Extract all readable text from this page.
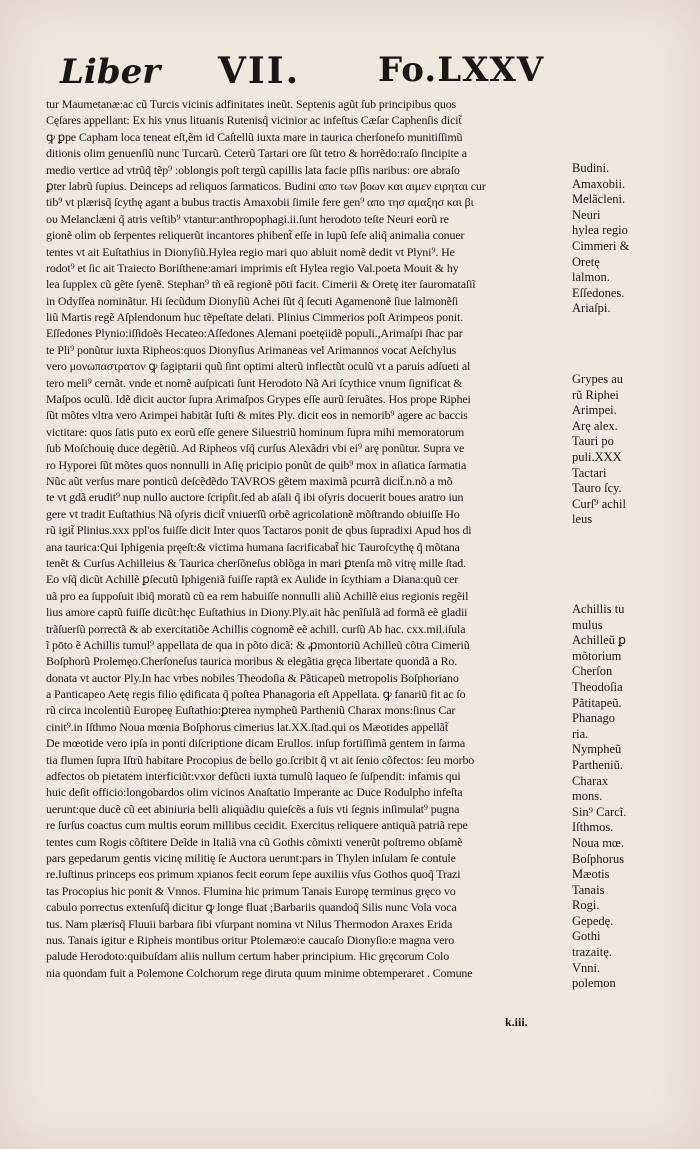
Liber VII. Fo.LXXV
tur Maumetanæ:ac cũ Turcis vicinis adfinitates ineũt. Septenis agũt ſub principibus quos
Cęſares appellant: Ex his vnus lituanis Rutenisq̃ vicinior ac infeſtus Cæſar Caphenſis dicit̃
ꝙ ꝑpe Capham loca teneat eſt,ẽm id Caſtellũ iuxta mare in taurica cherſoneſo munitiſſimũ
ditionis olim genuenſiũ nunc Turcarũ. Ceterũ Tartari ore ſũt tetro & horrẽdo:raſo ſincipite a
medio vertice ad vtrũq̃ tẽp⁹ :oblongis poſt tergũ capillis lata facie pſſis naribus: ore abraſo
ꝑter labrũ ſupius. Deinceps ad reliquos ſarmaticos. Budini απο των βοων και αιμεν ειρηται cur
tib⁹ vt plærisq̃ ſcythę agant a bubus tractis Amaxobii ſimile fere gen⁹ απο τησ αμαξησ και βι
ου Melanclæni q̃ atris veſtib⁹ vtantur:anthropophagi.ii.ſunt herodoto teſte Neuri eorũ re
gionẽ olim ob ſerpentes reliquerũt incantores phibent̃ eſſe in lupũ ſeſe aliq̃ animalia conuer
tentes vt ait Euſtathius in Dionyſiũ.Hylea regio mari quo abluit nomẽ dedit vt Plyni⁹. He
rodot⁹ et ſic ait Traiecto Boriſthene:amari imprimis eſt Hylea regio Val.poeta Mouit & hy
lea ſupplex cũ gẽte ſyenẽ. Stephan⁹ tñ eã regionẽ pōti facit. Cimerii & Oretę iter ſauromataſiĩ
in Odyſſea nominãtur. Hi ſecũdum Dionyſiũ Achei ſũt q̃ ſecuti Agamenonẽ ſiue lalmonẽſi
liũ Martis regẽ Aſplendonum huc tẽpeſtate delati. Plinius Cimmerios poſt Arimpeos ponit.
Eſſedones Plynio:iſſidoẽs Hecateo:Aſſedones Alemani poetęiidẽ populi.,Arimaſpi ſhac par
te Pli⁹ ponũtur iuxta Ripheos:quos Dionyſius Arimaneas vel Arimannos vocat Aeſchylus
vero μονωπαστρατον ꝙ ſagiptarii quũ ſint optimi alterũ inflectũt oculũ vt a paruis adſueti al
tero meli⁹ cernãt. vnde et nomẽ auſpicati ſunt Herodoto Nã Ari ſcythice vnum ſignificat &
Maſpos oculũ. Idẽ dicit auctor ſupra Arimaſpos Grypes eſſe aurũ ſeruãtes. Hos prope Riphei
ſũt mõtes vltra vero Arimpei habitãt Iuſti & mites Ply. dicit eos in nemorib⁹ agere ac baccis
victitare: quos ſatis puto ex eorũ eſſe genere Siluestriũ hominum ſupra mihi memoratorum
ſub Moſchouię duce degẽtiũ. Ad Ripheos vſq̃ curſus Alexãdri vbi ei⁹ arę ponũtur. Supra ve
ro Hyporei ſũt mõtes quos nonnulli in Aſię pricipio ponũt de quib⁹ mox in aſiatica ſarmatia
Nũc aũt verſus mare ponticũ deſcẽdẽdo TAVROS gẽtem maximã pcurrã dicit̃.n.nõ a mõ
te vt gdã erudit⁹ nup nullo auctore ſcripſit.ſed ab aſali q̃ ibi oſyris docuerit boues aratro iun
gere vt tradit Euſtathius Nã oſyris dicit̃ vniuerſũ orbẽ agricolationẽ mõſtrando obiuiſſe Ho
rũ igit̃ Plinius.xxx ppl'os fuiſſe dicit Inter quos Tactaros ponit de qbus ſupradixi Apud hos di
ana taurica:Qui Iphigenia pręeſt:& victima humana ſacrificabat̃ hic Tauroſcythę q̃ mõtana
tenẽt & Curſus Achilleius & Taurica cherſõneſus oblõga in mari ꝑtenſa mõ vitrę mille ſtad.
Eo vſq̃ dicũt Achillẽ ꝑſecutũ Iphigeniã fuiſſe raptã ex Aulide in ſcythiam a Diana:quũ cer
uã pro ea ſuppoſuit ibiq̃ moratũ cũ ea rem habuiſſe nonnulli aliũ Achillẽ eius regionis regẽil
lius amore captũ fuiſſe dicũt:hęc Euſtathius in Diony.Ply.ait hãc penĩſulã ad formã eẽ gladii
trãſuerſũ porrectã & ab exercitatiõe Achillis cognomẽ eẽ achill. curſũ Ab hac. cxx.mil.iſula
ĩ pōto ẽ Achillis tumul⁹ appellata de qua in põto dicã: & ꝓmontoriũ Achilleũ cõtra Cimeriũ
Boſphorũ Prolemęo.Cherſoneſus taurica moribus & elegãtia gręca libertate quondã a Ro.
donata vt auctor Ply.In hac vrbes nobiles Theodoſia & Pãticapeũ metropolis Boſphoriano
a Panticapeo Aetę regis filio ędificata q̃ poſtea Phanagoria eſt Appellata. ꝙ fanariũ fit ac ſo
rũ circa incolentiũ Europeę Euſtathio:ꝑterea nympheũ Partheniũ Charax mons:ſinus Car
cinit⁹.in Iſthmo Noua mœnia Boſphorus cimerius lat.XX.ſtad.qui os Mæotides appellãt̃
De mœotide vero ipſa in ponti diſcriptione dicam Erullos. inſup fortiſſimã gentem in ſarma
tia flumen ſupra Iſtrũ habitare Procopius de bello go.ſcribit q̃ vt ait ſenio cõfectos: ſeu morbo
adfectos ob pietatem interficiũt:vxor defũcti iuxta tumulũ laqueo ſe ſuſpendit: infamis qui
huic deſit officio:longobardos olim vicinos Anaſtatio Imperante ac Duce Rodulpho infeſta
uerunt:que ducẽ cũ eet abiniuria belli aliquãdiu quieſcẽs a ſuis vti ſegnis inſimulat⁹ pugna
re ſurſus coactus cum multis eorum millibus cecidit. Exercitus reliquere antiquã patriã repe
tentes cum Rogis cõſtitere Deĩde in Italiã vna cũ Gothis cõmixti venerũt poſtremo obſamẽ
pars gepedarum gentis vicinę militię ſe Auctora uerunt:pars in Thylen inſulam ſe contule
re.Iuſtinus princeps eos primum xpianos fecit eorum ſepe auxiliis vſus Gothos quoq̃ Trazi
tas Procopius hic ponit & Vnnos. Flumina hic primum Tanais Europę terminus gręco vo
cabulo porrectus extenſuſq̃ dicitur ꝙ longe fluat ;Barbariis quandoq̃ Silis nunc Vola voca
tus. Nam plærisq̃ Fluuii barbara ſibi vſurpant nomina vt Nilus Thermodon Araxes Erida
nus. Tanais igitur e Ripheis montibus oritur Ptolemæo:e caucaſo Dionyſio:e magna vero
palude Herodoto:quibuſdam aliis nullum certum haber principium. Hic gręcorum Colo
nia quondam fuit a Polemone Colchorum rege diruta quum minime obtemperaret . Comune
Budini.
Amaxobii.
Melãcleni.
Neuri
hylea regio
Cimmeri &
Oretę
lalmon.
Eſſedones.
Ariaſpi.
Grypes au
rũ Riphei
Arimpei.
Arę alex.
Tauri po
puli.XXX
Tactari
Tauro ſcy.
Curſ⁹ achil
leus
Achillis tu
mulus
Achilleũ ꝑ
mõtorium
Cherſon
Theodoſia
Pãtitapeũ.
Phanago
ria.
Nympheũ
Partheniũ.
Charax
mons.
Sin⁹ Carcĩ.
Iſthmos.
Noua mœ.
Boſphorus
Mæotis
Tanais
Rogi.
Gepedę.
Gothi
trazaitę.
Vnni.
polemon
k.iii.
